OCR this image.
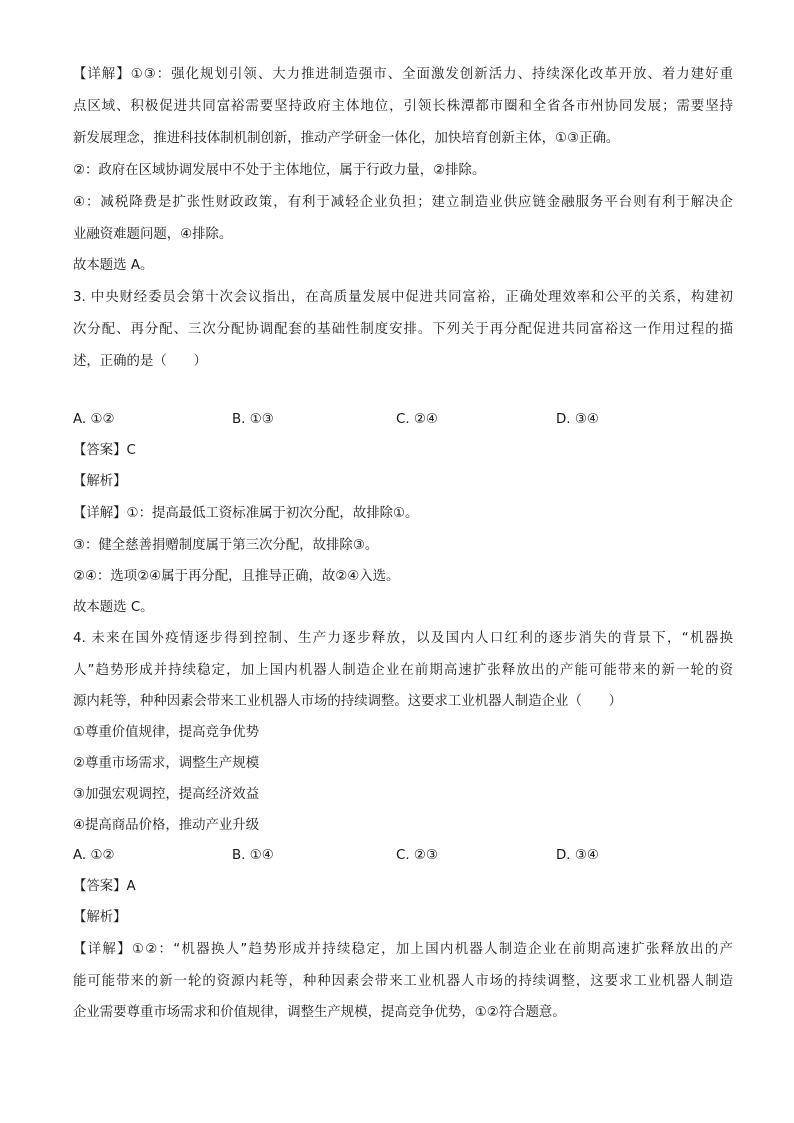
【详解】①③：强化规划引领、大力推进制造强市、全面激发创新活力、持续深化改革开放、着力建好重
点区域、积极促进共同富裕需要坚持政府主体地位，引领长株潭都市圈和全省各市州协同发展；需要坚持
新发展理念，推进科技体制机制创新，推动产学研金一体化，加快培育创新主体，①③正确。
②：政府在区域协调发展中不处于主体地位，属于行政力量，②排除。
④：减税降费是扩张性财政政策，有利于减轻企业负担；建立制造业供应链金融服务平台则有利于解决企
业融资难题问题，④排除。
故本题选 A。
3. 中央财经委员会第十次会议指出，在高质量发展中促进共同富裕，正确处理效率和公平的关系，构建初
次分配、再分配、三次分配协调配套的基础性制度安排。下列关于再分配促进共同富裕这一作用过程的描
述，正确的是（　　）
A. ①②	B. ①③	C. ②④	D. ③④
【答案】C
【解析】
【详解】①：提高最低工资标准属于初次分配，故排除①。
③：健全慈善捐赠制度属于第三次分配，故排除③。
②④：选项②④属于再分配，且推导正确，故②④入选。
故本题选 C。
4. 未来在国外疫情逐步得到控制、生产力逐步释放，以及国内人口红利的逐步消失的背景下，“机器换
人”趋势形成并持续稳定，加上国内机器人制造企业在前期高速扩张释放出的产能可能带来的新一轮的资
源内耗等，种种因素会带来工业机器人市场的持续调整。这要求工业机器人制造企业（　　）
①尊重价值规律，提高竞争优势
②尊重市场需求，调整生产规模
③加强宏观调控，提高经济效益
④提高商品价格，推动产业升级
A. ①②	B. ①④	C. ②③	D. ③④
【答案】A
【解析】
【详解】①②：“机器换人”趋势形成并持续稳定，加上国内机器人制造企业在前期高速扩张释放出的产
能可能带来的新一轮的资源内耗等，种种因素会带来工业机器人市场的持续调整，这要求工业机器人制造
企业需要尊重市场需求和价值规律，调整生产规模，提高竞争优势，①②符合题意。
